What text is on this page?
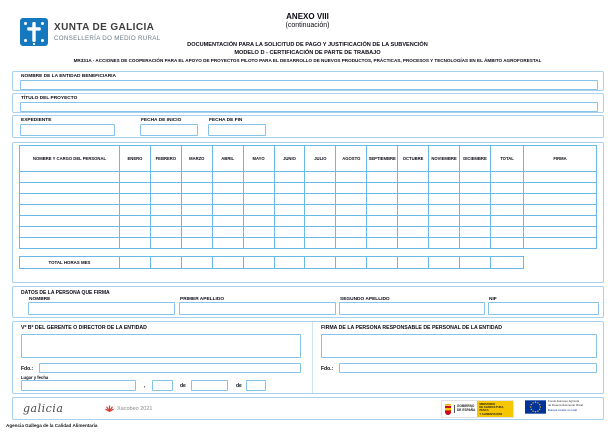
XUNTA DE GALICIA
CONSELLERÍA DO MEDIO RURAL
ANEXO VIII
(continuación)
DOCUMENTACIÓN PARA LA SOLICITUD DE PAGO Y JUSTIFICACIÓN DE LA SUBVENCIÓN
MODELO D - CERTIFICACIÓN DE PARTE DE TRABAJO
MR331A - ACCIONES DE COOPERACIÓN PARA EL APOYO DE PROYECTOS PILOTO PARA EL DESARROLLO DE NUEVOS PRODUCTOS, PRÁCTICAS, PROCESOS Y TECNOLOGÍAS EN EL ÁMBITO AGROFORESTAL
NOMBRE DE LA ENTIDAD BENEFICIARIA
TÍTULO DEL PROYECTO
EXPEDIENTE	FECHA DE INICIO	FECHA DE FIN
NOMBRE Y CARGO DEL PERSONAL	ENERO	FEBRERO	MARZO	ABRIL	MAYO	JUNIO	JULIO	AGOSTO	SEPTIEMBRE	OCTUBRE	NOVIEMBRE	DICIEMBRE	TOTAL	FIRMA

TOTAL HORAS MES													
DATOS DE LA PERSONA QUE FIRMA
NOMBRE	PRIMER APELLIDO	SEGUNDO APELLIDO	NIF
Vº Bº DEL GERENTE O DIRECTOR DE LA ENTIDAD
Fdo.:
Lugar y fecha
,	de	de
FIRMA DE LA PERSONA RESPONSABLE DE PERSONAL DE LA ENTIDAD
Fdo.:
galicia	Xacobeo 2021	GOBIERNO
DE ESPAÑA
MINISTERIO
DE AGRICULTURA, PESCA
Y ALIMENTACIÓN
Fondo Europeo Agrícola
de Desenvolvemento Rural
Europa inviste no rural
Agencia Gallega de la Calidad Alimentaria
